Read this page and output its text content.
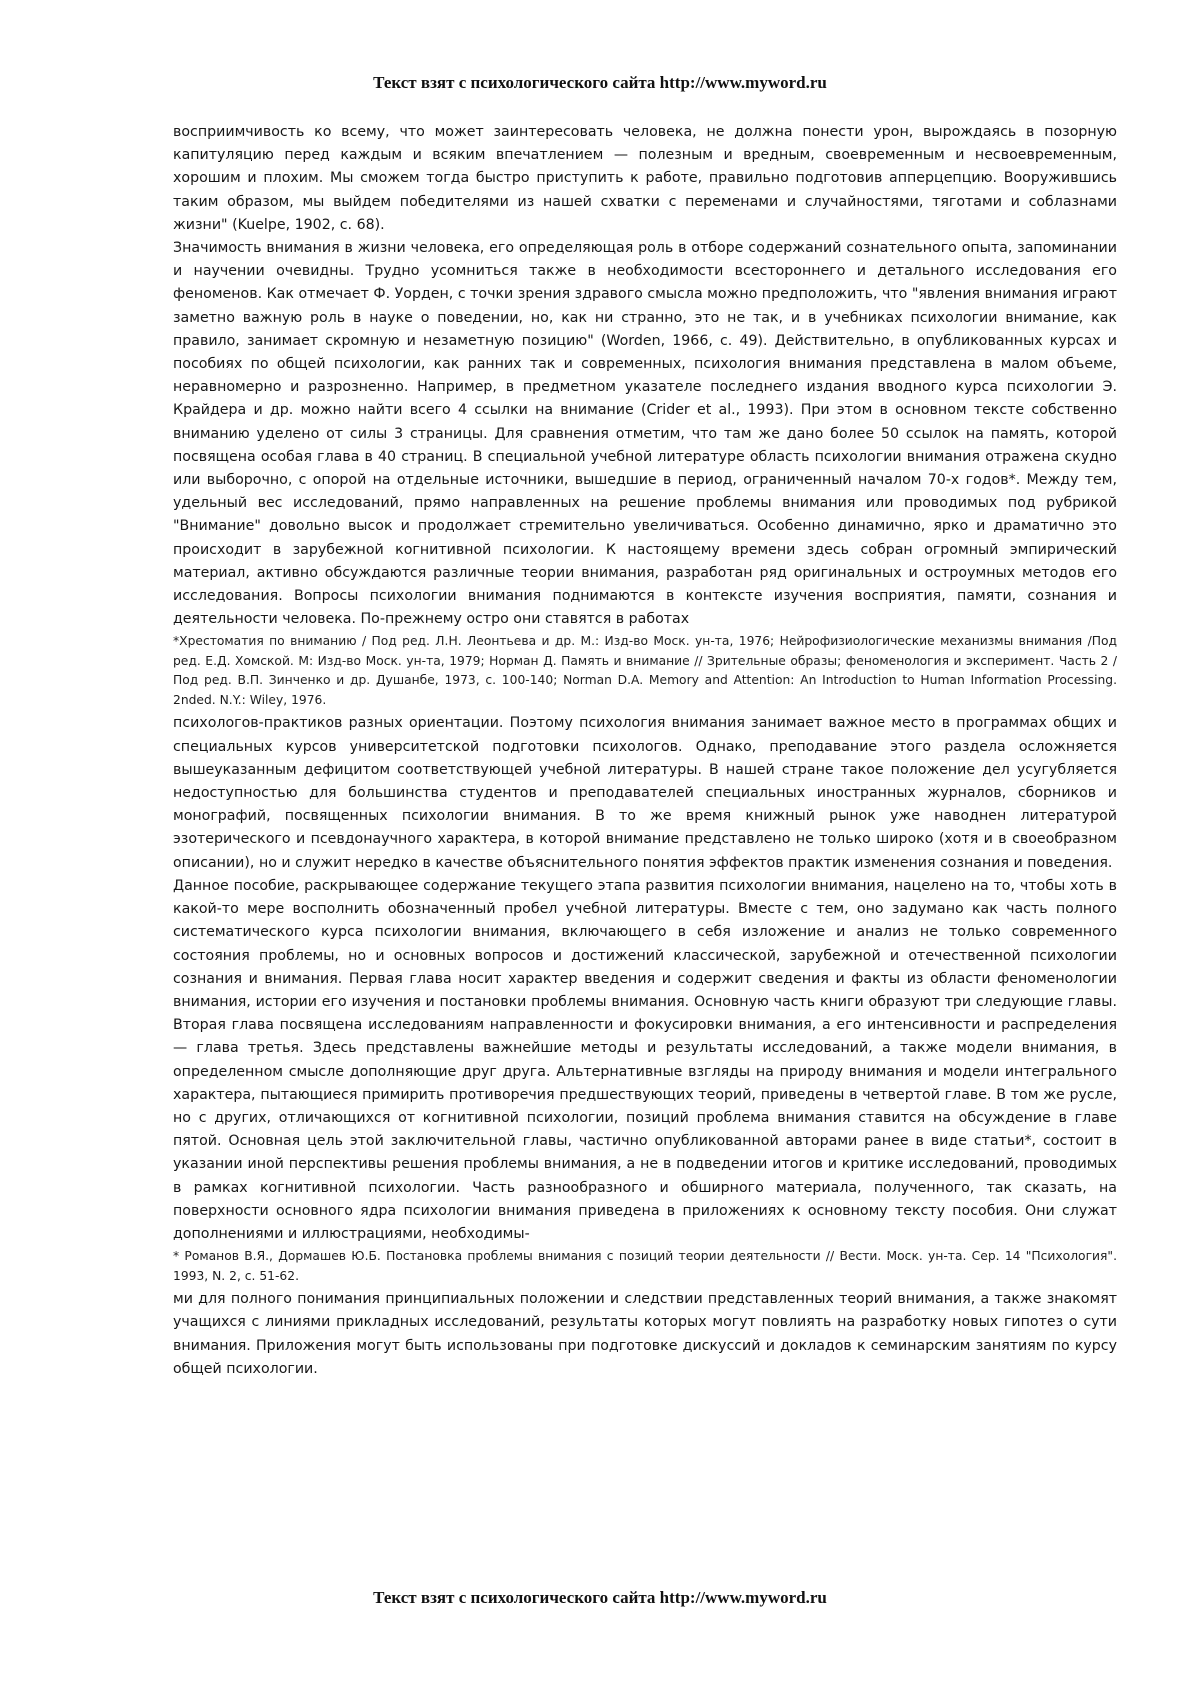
Текст взят с психологического сайта http://www.myword.ru

восприимчивость ко всему, что может заинтересовать человека, не должна понести урон, вырождаясь в позорную капитуляцию перед каждым и всяким впечатлением — полезным и вредным, своевременным и несвоевременным, хорошим и плохим. Мы сможем тогда быстро приступить к работе, правильно подготовив апперцепцию. Вооружившись таким образом, мы выйдем победителями из нашей схватки с переменами и случайностями, тяготами и соблазнами жизни" (Kuelpe, 1902, с. 68).

Значимость внимания в жизни человека, его определяющая роль в отборе содержаний сознательного опыта, запоминании и научении очевидны. Трудно усомниться также в необходимости всестороннего и детального исследования его феноменов. Как отмечает Ф. Уорден, с точки зрения здравого смысла можно предположить, что "явления внимания играют заметно важную роль в науке о поведении, но, как ни странно, это не так, и в учебниках психологии внимание, как правило, занимает скромную и незаметную позицию" (Worden, 1966, с. 49). Действительно, в опубликованных курсах и пособиях по общей психологии, как ранних так и современных, психология внимания представлена в малом объеме, неравномерно и разрозненно. Например, в предметном указателе последнего издания вводного курса психологии Э. Крайдера и др. можно найти всего 4 ссылки на внимание (Crider et al., 1993). При этом в основном тексте собственно вниманию уделено от силы 3 страницы. Для сравнения отметим, что там же дано более 50 ссылок на память, которой посвящена особая глава в 40 страниц. В специальной учебной литературе область психологии внимания отражена скудно или выборочно, с опорой на отдельные источники, вышедшие в период, ограниченный началом 70-х годов*. Между тем, удельный вес исследований, прямо направленных на решение проблемы внимания или проводимых под рубрикой "Внимание" довольно высок и продолжает стремительно увеличиваться. Особенно динамично, ярко и драматично это происходит в зарубежной когнитивной психологии. К настоящему времени здесь собран огромный эмпирический материал, активно обсуждаются различные теории внимания, разработан ряд оригинальных и остроумных методов его исследования. Вопросы психологии внимания поднимаются в контексте изучения восприятия, памяти, сознания и деятельности человека. По-прежнему остро они ставятся в работах

*Хрестоматия по вниманию / Под ред. Л.Н. Леонтьева и др. М.: Изд-во Моск. ун-та, 1976; Нейрофизиологические механизмы внимания /Под ред. Е.Д. Хомской. М: Изд-во Моск. ун-та, 1979; Норман Д. Память и внимание // Зрительные образы; феноменология и эксперимент. Часть 2 / Под ред. В.П. Зинченко и др. Душанбе, 1973, с. 100-140; Norman D.A. Memory and Attention: An Introduction to Human Information Processing. 2nded. N.Y.: Wiley, 1976.

психологов-практиков разных ориентации. Поэтому психология внимания занимает важное место в программах общих и специальных курсов университетской подготовки психологов. Однако, преподавание этого раздела осложняется вышеуказанным дефицитом соответствующей учебной литературы. В нашей стране такое положение дел усугубляется недоступностью для большинства студентов и преподавателей специальных иностранных журналов, сборников и монографий, посвященных психологии внимания. В то же время книжный рынок уже наводнен литературой эзотерического и псевдонаучного характера, в которой внимание представлено не только широко (хотя и в своеобразном описании), но и служит нередко в качестве объяснительного понятия эффектов практик изменения сознания и поведения.

Данное пособие, раскрывающее содержание текущего этапа развития психологии внимания, нацелено на то, чтобы хоть в какой-то мере восполнить обозначенный пробел учебной литературы. Вместе с тем, оно задумано как часть полного систематического курса психологии внимания, включающего в себя изложение и анализ не только современного состояния проблемы, но и основных вопросов и достижений классической, зарубежной и отечественной психологии сознания и внимания. Первая глава носит характер введения и содержит сведения и факты из области феноменологии внимания, истории его изучения и постановки проблемы внимания. Основную часть книги образуют три следующие главы. Вторая глава посвящена исследованиям направленности и фокусировки внимания, а его интенсивности и распределения — глава третья. Здесь представлены важнейшие методы и результаты исследований, а также модели внимания, в определенном смысле дополняющие друг друга. Альтернативные взгляды на природу внимания и модели интегрального характера, пытающиеся примирить противоречия предшествующих теорий, приведены в четвертой главе. В том же русле, но с других, отличающихся от когнитивной психологии, позиций проблема внимания ставится на обсуждение в главе пятой. Основная цель этой заключительной главы, частично опубликованной авторами ранее в виде статьи*, состоит в указании иной перспективы решения проблемы внимания, а не в подведении итогов и критике исследований, проводимых в рамках когнитивной психологии. Часть разнообразного и обширного материала, полученного, так сказать, на поверхности основного ядра психологии внимания приведена в приложениях к основному тексту пособия. Они служат дополнениями и иллюстрациями, необходимы-

* Романов В.Я., Дормашев Ю.Б. Постановка проблемы внимания с позиций теории деятельности // Вести. Моск. ун-та. Сер. 14 "Психология". 1993, N. 2, с. 51-62.

ми для полного понимания принципиальных положении и следствии представленных теорий внимания, а также знакомят учащихся с линиями прикладных исследований, результаты которых могут повлиять на разработку новых гипотез о сути внимания. Приложения могут быть использованы при подготовке дискуссий и докладов к семинарским занятиям по курсу общей психологии.

Текст взят с психологического сайта http://www.myword.ru
